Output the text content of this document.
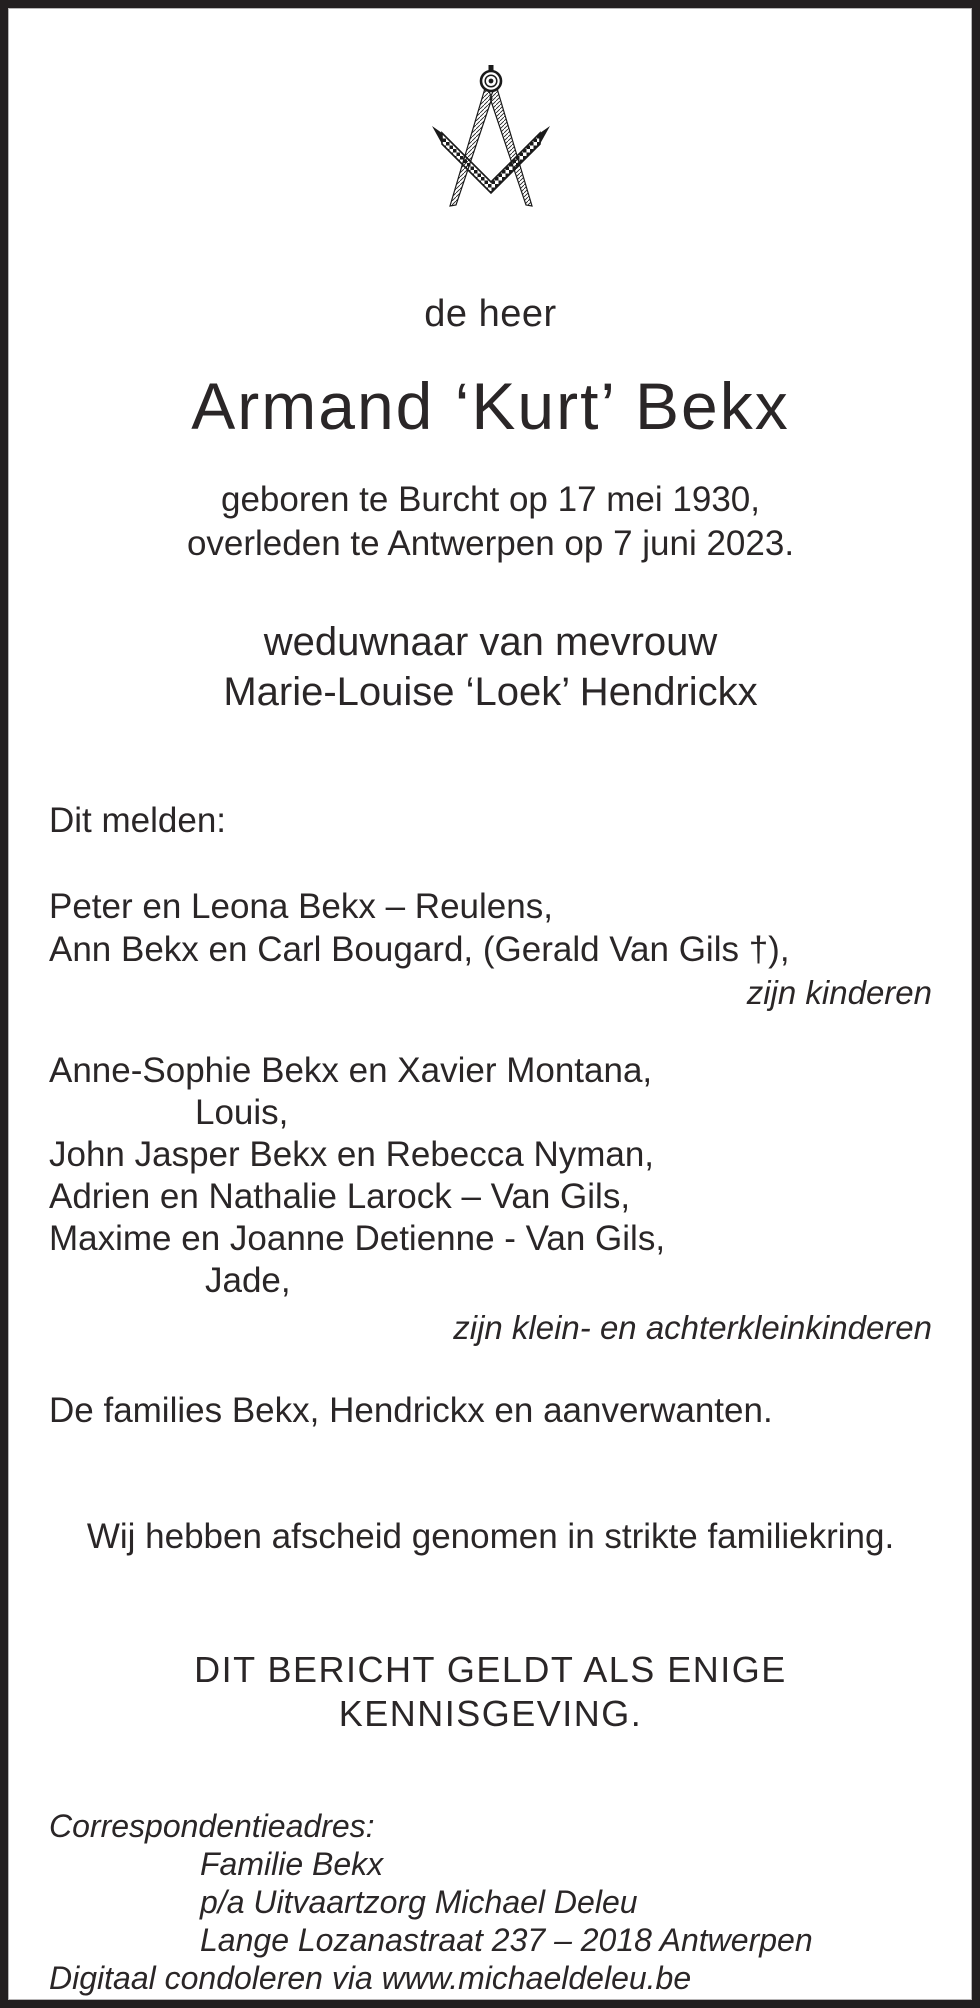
de heer
Armand ‘Kurt’ Bekx
geboren te Burcht op 17 mei 1930,
overleden te Antwerpen op 7 juni 2023.
weduwnaar van mevrouw
Marie-Louise ‘Loek’ Hendrickx
Dit melden:
Peter en Leona Bekx – Reulens,
Ann Bekx en Carl Bougard, (Gerald Van Gils †),
zijn kinderen
Anne-Sophie Bekx en Xavier Montana,
Louis,
John Jasper Bekx en Rebecca Nyman,
Adrien en Nathalie Larock – Van Gils,
Maxime en Joanne Detienne - Van Gils,
Jade,
zijn klein- en achterkleinkinderen
De families Bekx, Hendrickx en aanverwanten.
Wij hebben afscheid genomen in strikte familiekring.
DIT BERICHT GELDT ALS ENIGE KENNISGEVING.
Correspondentieadres:
Familie Bekx
p/a Uitvaartzorg Michael Deleu
Lange Lozanastraat 237 – 2018 Antwerpen
Digitaal condoleren via www.michaeldeleu.be
